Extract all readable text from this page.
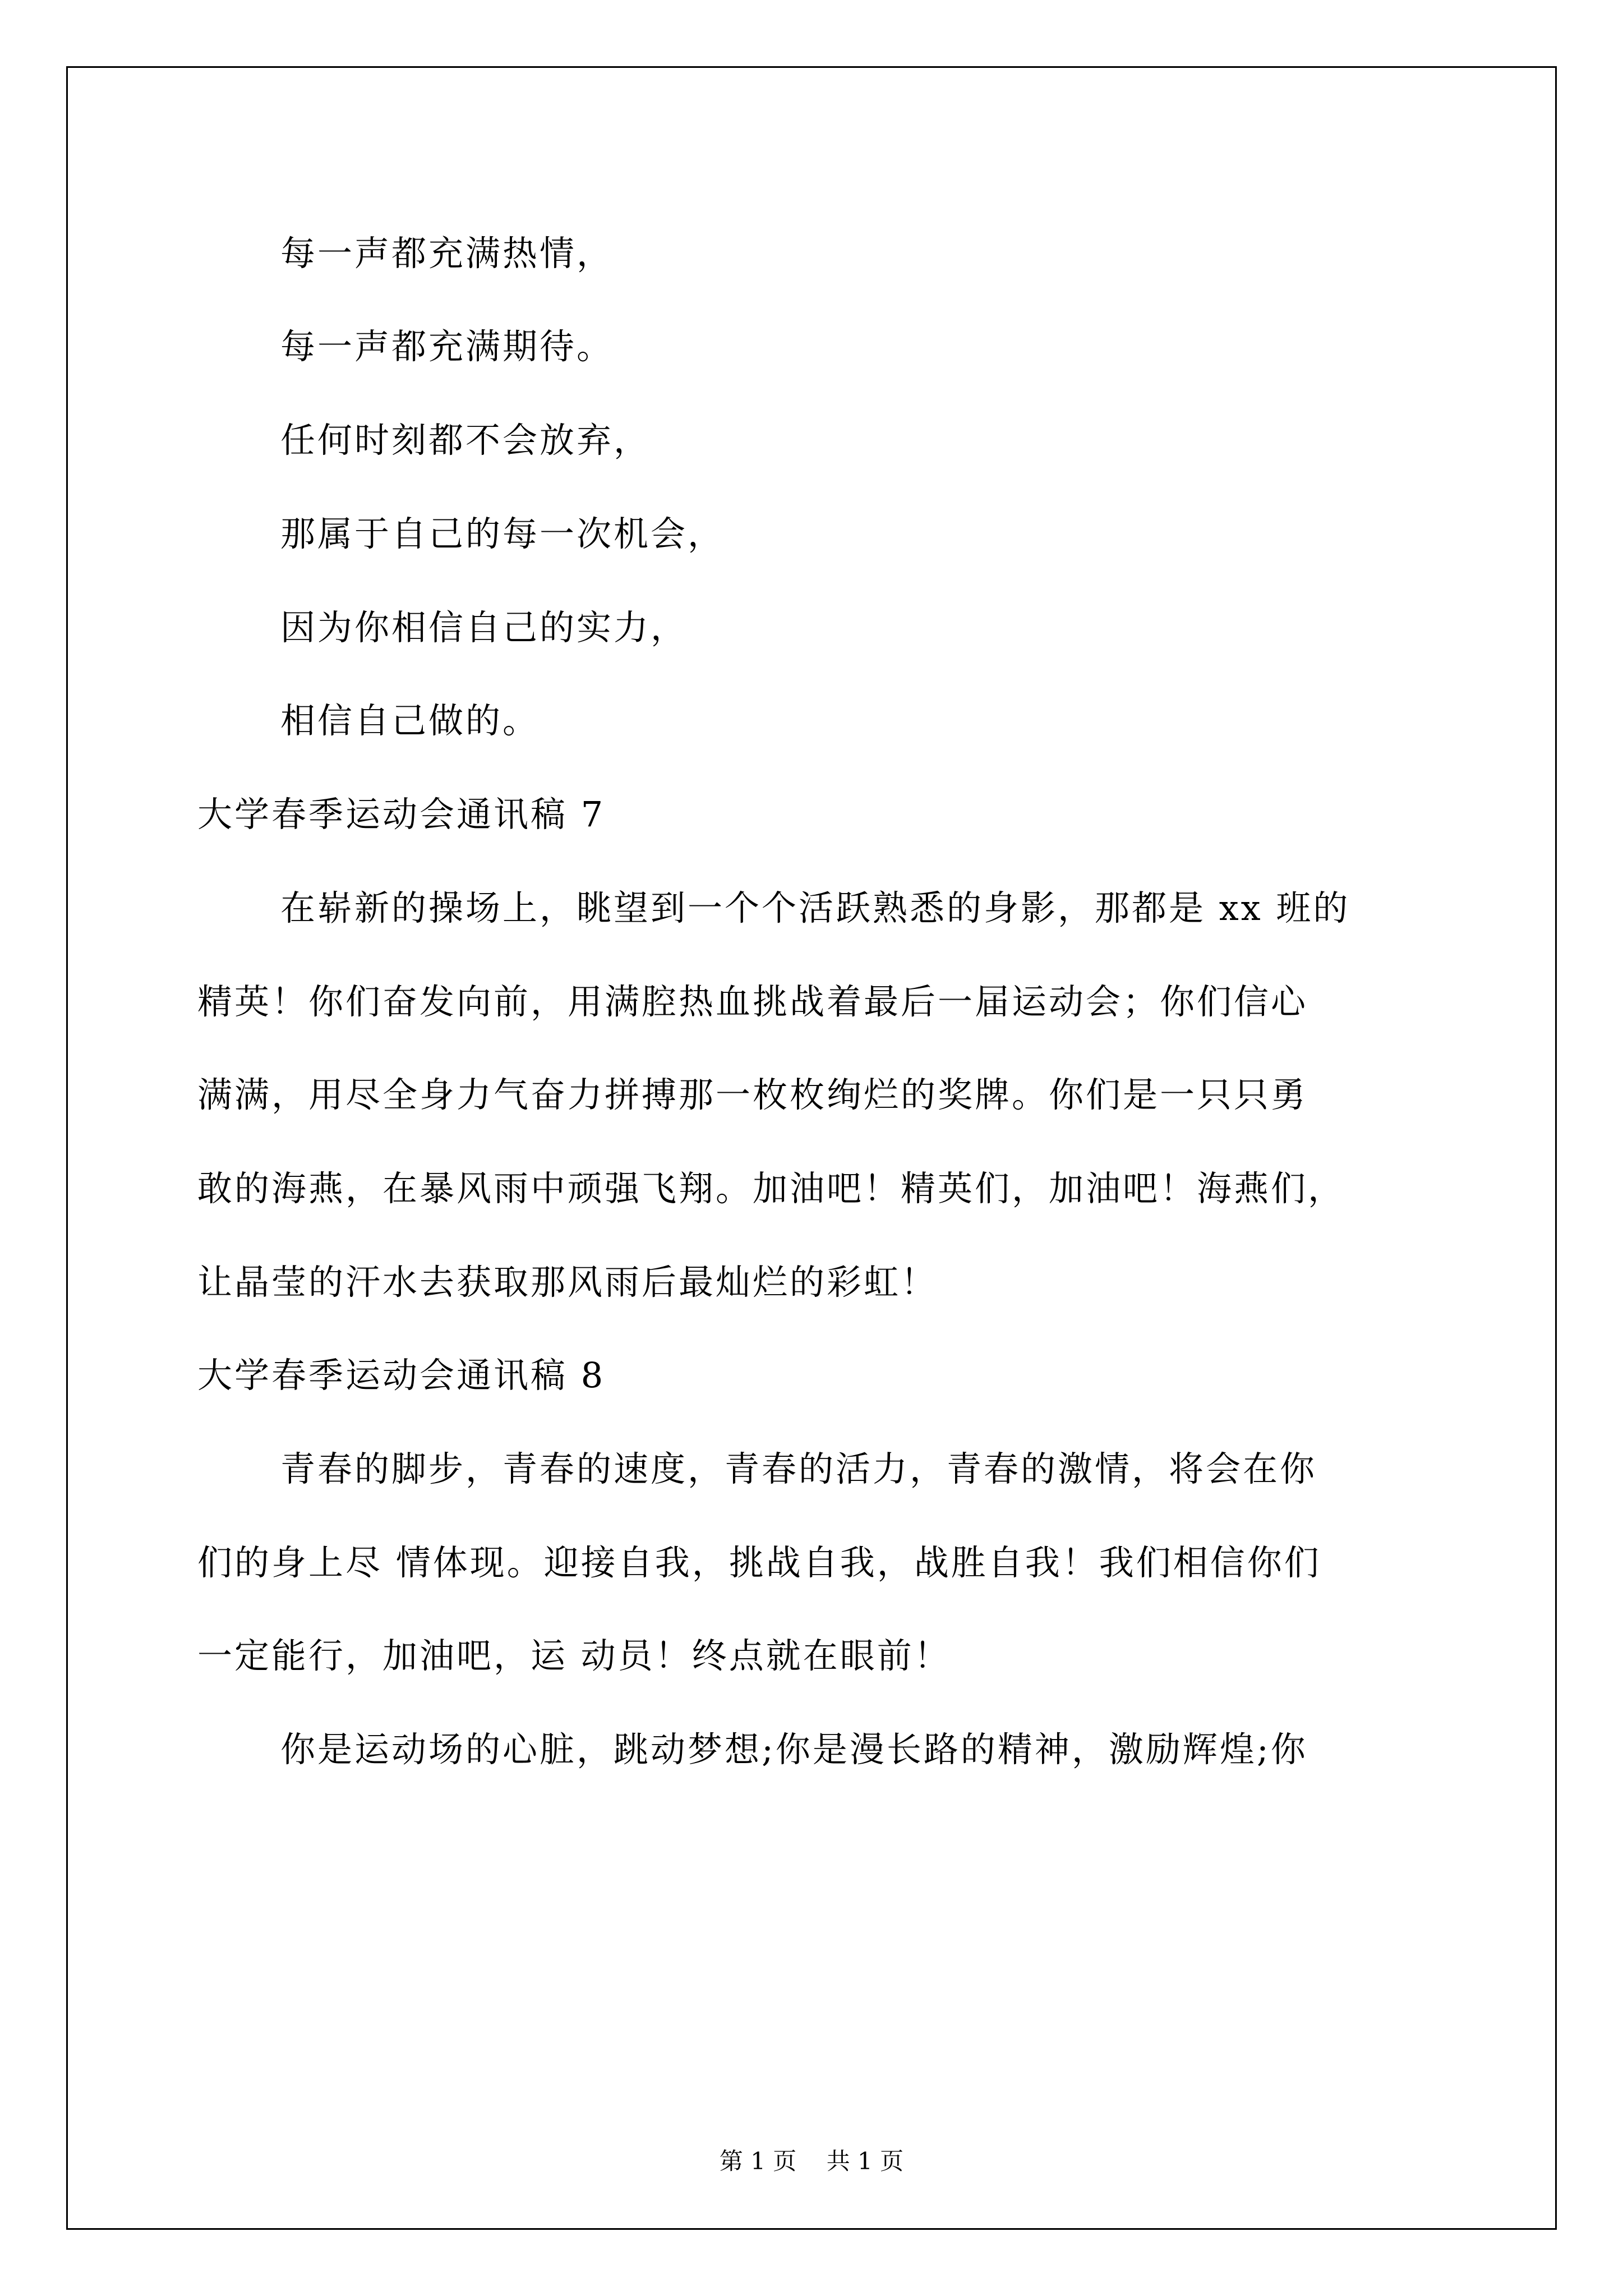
每一声都充满热情，
每一声都充满期待。
任何时刻都不会放弃，
那属于自己的每一次机会，
因为你相信自己的实力，
相信自己做的。
大学春季运动会通讯稿 7
在崭新的操场上，眺望到一个个活跃熟悉的身影，那都是 xx 班的
精英！你们奋发向前，用满腔热血挑战着最后一届运动会；你们信心
满满，用尽全身力气奋力拼搏那一枚枚绚烂的奖牌。你们是一只只勇
敢的海燕，在暴风雨中顽强飞翔。加油吧！精英们，加油吧！海燕们，
让晶莹的汗水去获取那风雨后最灿烂的彩虹！
大学春季运动会通讯稿 8
青春的脚步，青春的速度，青春的活力，青春的激情，将会在你
们的身上尽 情体现。迎接自我，挑战自我，战胜自我！我们相信你们
一定能行，加油吧，运 动员！终点就在眼前！
你是运动场的心脏，跳动梦想;你是漫长路的精神，激励辉煌;你
第 1 页    共 1 页
